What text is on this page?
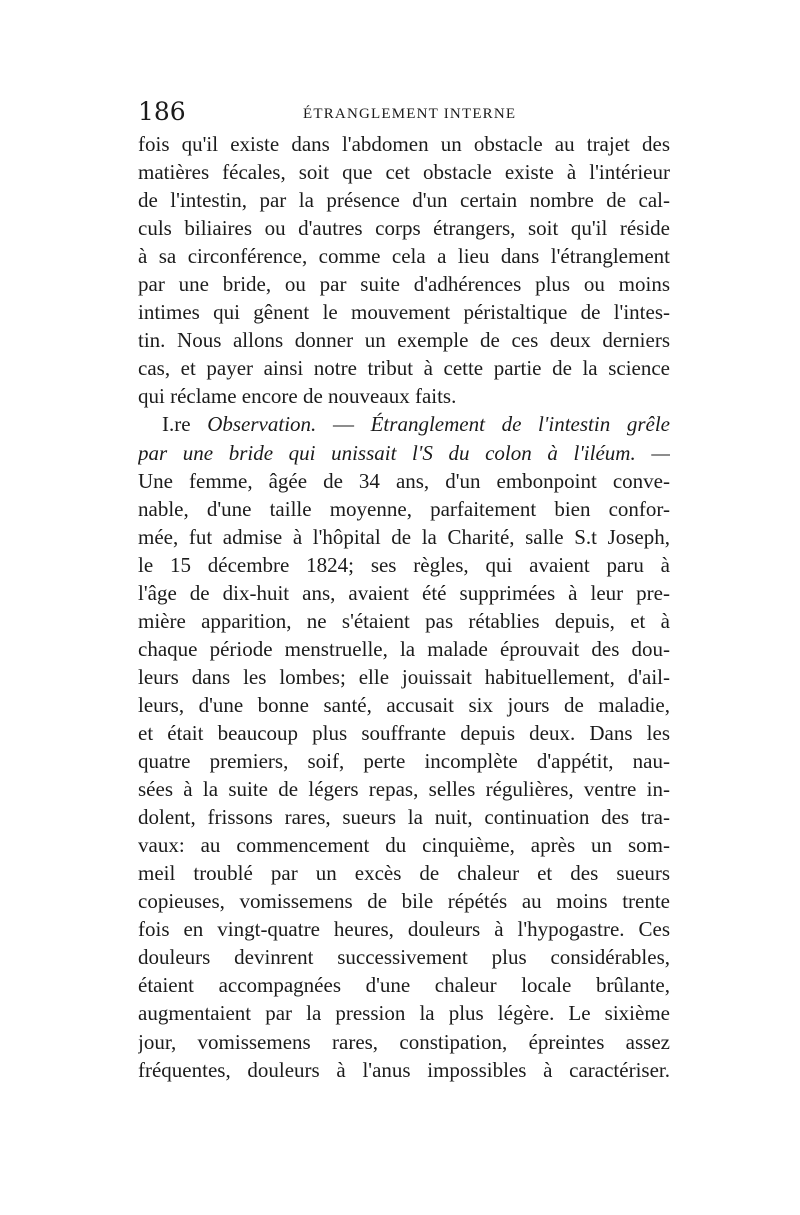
186	ÉTRANGLEMENT INTERNE
fois qu'il existe dans l'abdomen un obstacle au trajet des
matières fécales, soit que cet obstacle existe à l'intérieur
de l'intestin, par la présence d'un certain nombre de cal-
culs biliaires ou d'autres corps étrangers, soit qu'il réside
à sa circonférence, comme cela a lieu dans l'étranglement
par une bride, ou par suite d'adhérences plus ou moins
intimes qui gênent le mouvement péristaltique de l'intes-
tin. Nous allons donner un exemple de ces deux derniers
cas, et payer ainsi notre tribut à cette partie de la science
qui réclame encore de nouveaux faits.
I.re Observation. — Étranglement de l'intestin grêle
par une bride qui unissait l'S du colon à l'iléum. —
Une femme, âgée de 34 ans, d'un embonpoint conve-
nable, d'une taille moyenne, parfaitement bien confor-
mée, fut admise à l'hôpital de la Charité, salle S.t Joseph,
le 15 décembre 1824; ses règles, qui avaient paru à
l'âge de dix-huit ans, avaient été supprimées à leur pre-
mière apparition, ne s'étaient pas rétablies depuis, et à
chaque période menstruelle, la malade éprouvait des dou-
leurs dans les lombes; elle jouissait habituellement, d'ail-
leurs, d'une bonne santé, accusait six jours de maladie,
et était beaucoup plus souffrante depuis deux. Dans les
quatre premiers, soif, perte incomplète d'appétit, nau-
sées à la suite de légers repas, selles régulières, ventre in-
dolent, frissons rares, sueurs la nuit, continuation des tra-
vaux: au commencement du cinquième, après un som-
meil troublé par un excès de chaleur et des sueurs
copieuses, vomissemens de bile répétés au moins trente
fois en vingt-quatre heures, douleurs à l'hypogastre. Ces
douleurs devinrent successivement plus considérables,
étaient accompagnées d'une chaleur locale brûlante,
augmentaient par la pression la plus légère. Le sixième
jour, vomissemens rares, constipation, épreintes assez
fréquentes, douleurs à l'anus impossibles à caractériser.
